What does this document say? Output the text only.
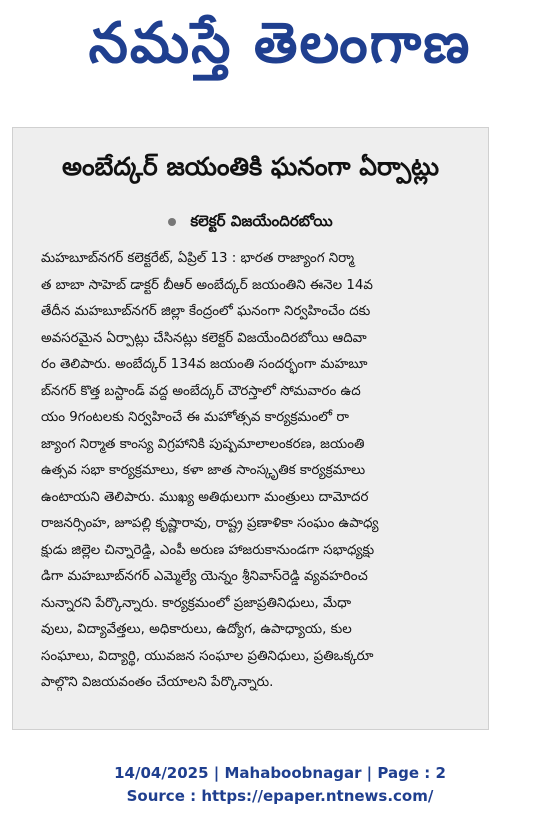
నమస్తే తెలంగాణ
అంబేద్కర్ జయంతికి ఘనంగా ఏర్పాట్లు
కలెక్టర్ విజయేందిరబోయి
మహబూబ్‌నగర్ కలెక్టరేట్, ఏప్రిల్ 13 : భారత రాజ్యాంగ నిర్మా
త బాబా సాహెబ్ డాక్టర్ బీఆర్ అంబేద్కర్ జయంతిని ఈనెల 14వ
తేదీన మహబూబ్‌నగర్ జిల్లా కేంద్రంలో ఘనంగా నిర్వహించేం దకు
అవసరమైన ఏర్పాట్లు చేసినట్లు కలెక్టర్ విజయేందిరబోయి ఆదివా
రం తెలిపారు. అంబేద్కర్ 134వ జయంతి సందర్భంగా మహబూ
బ్‌నగర్ కొత్త బస్టాండ్ వద్ద అంబేద్కర్ చౌరస్తాలో సోమవారం ఉద
యం 9గంటలకు నిర్వహించే ఈ మహోత్సవ కార్యక్రమంలో రా
జ్యాంగ నిర్మాత కాంస్య విగ్రహానికి పుష్పమాలాలంకరణ, జయంతి
ఉత్సవ సభా కార్యక్రమాలు, కళా జాత సాంస్కృతిక కార్యక్రమాలు
ఉంటాయని తెలిపారు. ముఖ్య అతిథులుగా మంత్రులు దామోదర
రాజనర్సింహ, జూపల్లి కృష్ణారావు, రాష్ట్ర ప్రణాళికా సంఘం ఉపాధ్య
క్షుడు జిల్లెల చిన్నారెడ్డి, ఎంపీ అరుణ హాజరుకానుండగా సభాధ్యక్షు
డిగా మహబూబ్‌నగర్ ఎమ్మెల్యే యెన్నం శ్రీనివాస్‌రెడ్డి వ్యవహరించ
నున్నారని పేర్కొన్నారు. కార్యక్రమంలో ప్రజాప్రతినిధులు, మేధా
వులు, విద్యావేత్తలు, అధికారులు, ఉద్యోగ, ఉపాధ్యాయ, కుల
సంఘాలు, విద్యార్థి, యువజన సంఘాల ప్రతినిధులు, ప్రతిఒక్కరూ
పాల్గొని విజయవంతం చేయాలని పేర్కొన్నారు.
14/04/2025 | Mahaboobnagar | Page : 2
Source : https://epaper.ntnews.com/
